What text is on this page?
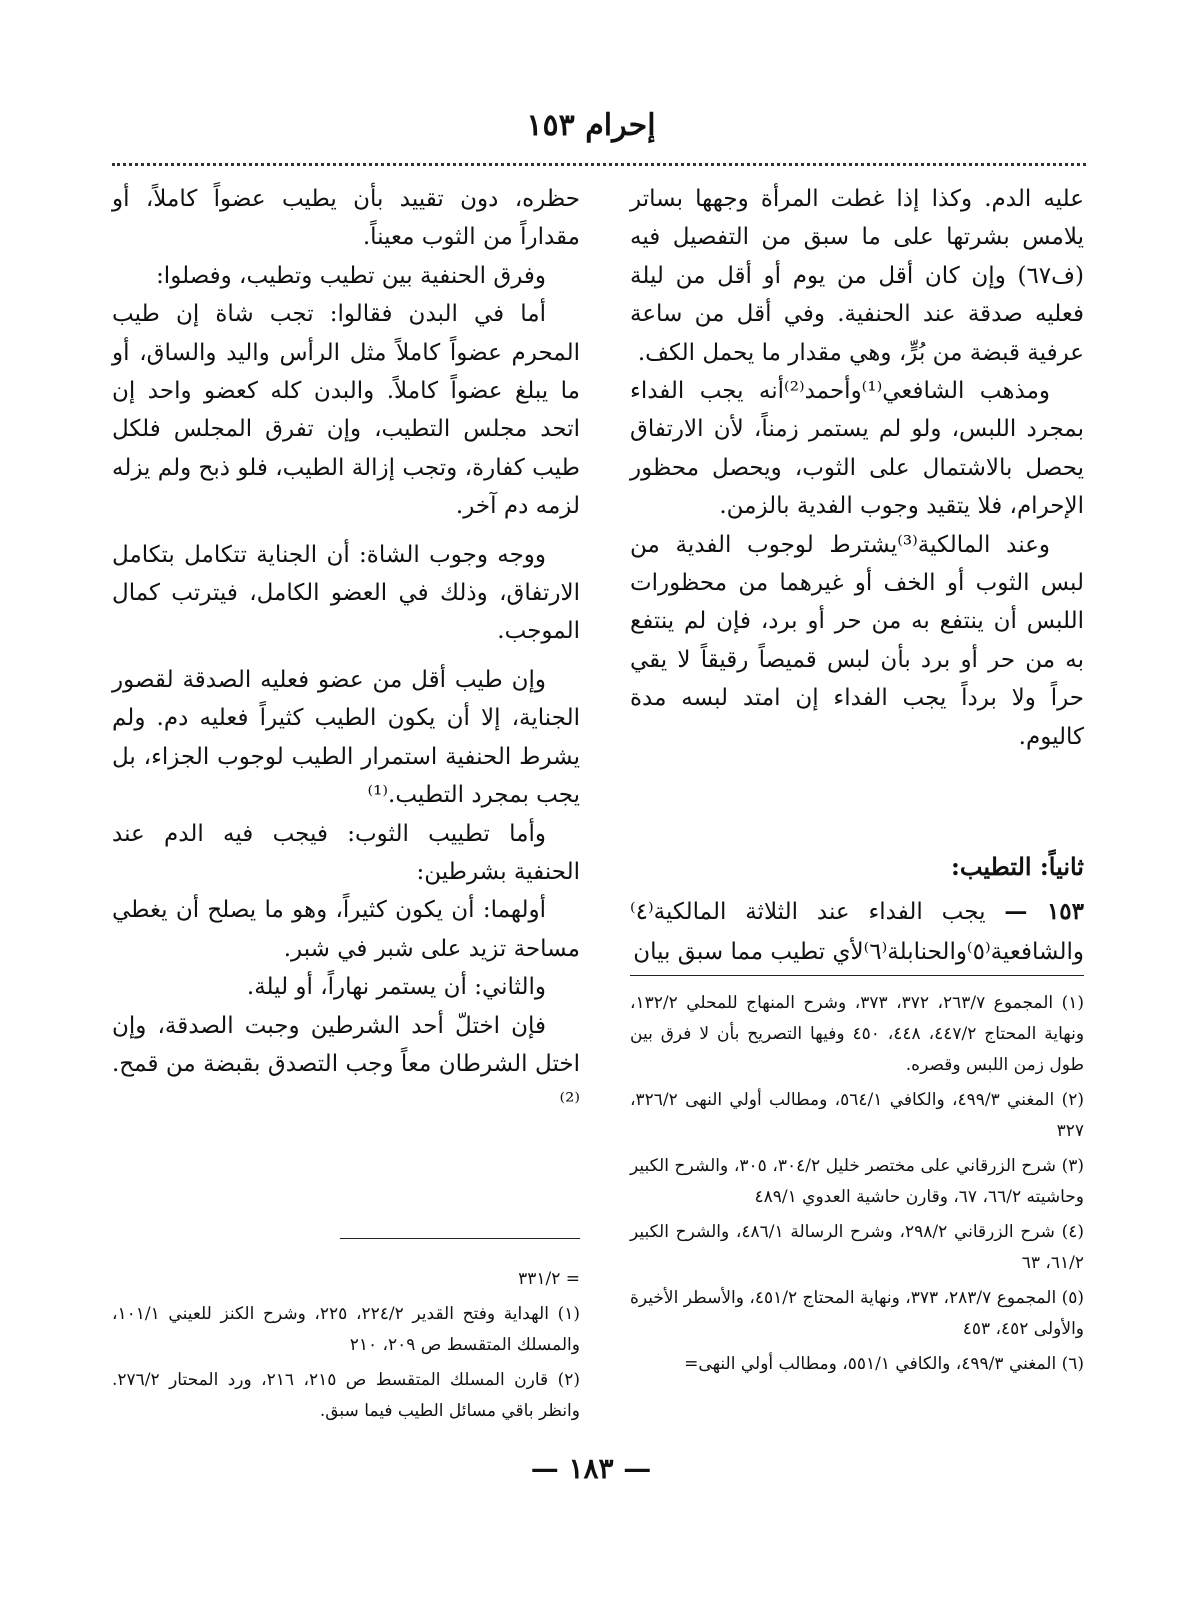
إحرام ١٥٣

عليه الدم. وكذا إذا غطت المرأة وجهها بساتر يلامس بشرتها على ما سبق من التفصيل فيه (ف٦٧) وإن كان أقل من يوم أو أقل من ليلة فعليه صدقة عند الحنفية. وفي أقل من ساعة عرفية قبضة من بُرٍّ، وهي مقدار ما يحمل الكف.

ومذهب الشافعي⁽¹⁾وأحمد⁽²⁾أنه يجب الفداء بمجرد اللبس، ولو لم يستمر زمناً، لأن الارتفاق يحصل بالاشتمال على الثوب، ويحصل محظور الإحرام، فلا يتقيد وجوب الفدية بالزمن.

وعند المالكية⁽³⁾يشترط لوجوب الفدية من لبس الثوب أو الخف أو غيرهما من محظورات اللبس أن ينتفع به من حر أو برد، فإن لم ينتفع به من حر أو برد بأن لبس قميصاً رقيقاً لا يقي حراً ولا برداً يجب الفداء إن امتد لبسه مدة كاليوم.

ثانياً: التطيب:
١٥٣ — يجب الفداء عند الثلاثة المالكية⁽٤⁾ والشافعية⁽٥⁾والحنابلة⁽٦⁾لأي تطيب مما سبق بيان

(١) المجموع ٢٦٣/٧، ٣٧٢، ٣٧٣، وشرح المنهاج للمحلي ١٣٢/٢، ونهاية المحتاج ٤٤٧/٢، ٤٤٨، ٤٥٠ وفيها التصريح بأن لا فرق بين طول زمن اللبس وقصره.

(٢) المغني ٤٩٩/٣، والكافي ٥٦٤/١، ومطالب أولي النهى ٣٢٦/٢، ٣٢٧

(٣) شرح الزرقاني على مختصر خليل ٣٠٤/٢، ٣٠٥، والشرح الكبير وحاشيته ٦٦/٢، ٦٧، وقارن حاشية العدوي ٤٨٩/١

(٤) شرح الزرقاني ٢٩٨/٢، وشرح الرسالة ٤٨٦/١، والشرح الكبير ٦١/٢، ٦٣

(٥) المجموع ٢٨٣/٧، ٣٧٣، ونهاية المحتاج ٤٥١/٢، والأسطر الأخيرة والأولى ٤٥٢، ٤٥٣

(٦) المغني ٤٩٩/٣، والكافي ٥٥١/١، ومطالب أولي النهى=

حظره، دون تقييد بأن يطيب عضواً كاملاً، أو مقداراً من الثوب معيناً.

وفرق الحنفية بين تطيب وتطيب، وفصلوا:

أما في البدن فقالوا: تجب شاة إن طيب المحرم عضواً كاملاً مثل الرأس واليد والساق، أو ما يبلغ عضواً كاملاً. والبدن كله كعضو واحد إن اتحد مجلس التطيب، وإن تفرق المجلس فلكل طيب كفارة، وتجب إزالة الطيب، فلو ذبح ولم يزله لزمه دم آخر.

ووجه وجوب الشاة: أن الجناية تتكامل بتكامل الارتفاق، وذلك في العضو الكامل، فيترتب كمال الموجب.

وإن طيب أقل من عضو فعليه الصدقة لقصور الجناية، إلا أن يكون الطيب كثيراً فعليه دم. ولم يشرط الحنفية استمرار الطيب لوجوب الجزاء، بل يجب بمجرد التطيب.⁽¹⁾

وأما تطييب الثوب: فيجب فيه الدم عند الحنفية بشرطين:

أولهما: أن يكون كثيراً، وهو ما يصلح أن يغطي مساحة تزيد على شبر في شبر.

والثاني: أن يستمر نهاراً، أو ليلة.

فإن اختلّ أحد الشرطين وجبت الصدقة، وإن اختل الشرطان معاً وجب التصدق بقبضة من قمح.⁽²⁾

= ٣٣١/٢

(١) الهداية وفتح القدير ٢٢٤/٢، ٢٢٥، وشرح الكنز للعيني ١٠١/١، والمسلك المتقسط ص ٢٠٩، ٢١٠

(٢) قارن المسلك المتقسط ص ٢١٥، ٢١٦، ورد المحتار ٢٧٦/٢. وانظر باقي مسائل الطيب فيما سبق.

— ١٨٣ —
